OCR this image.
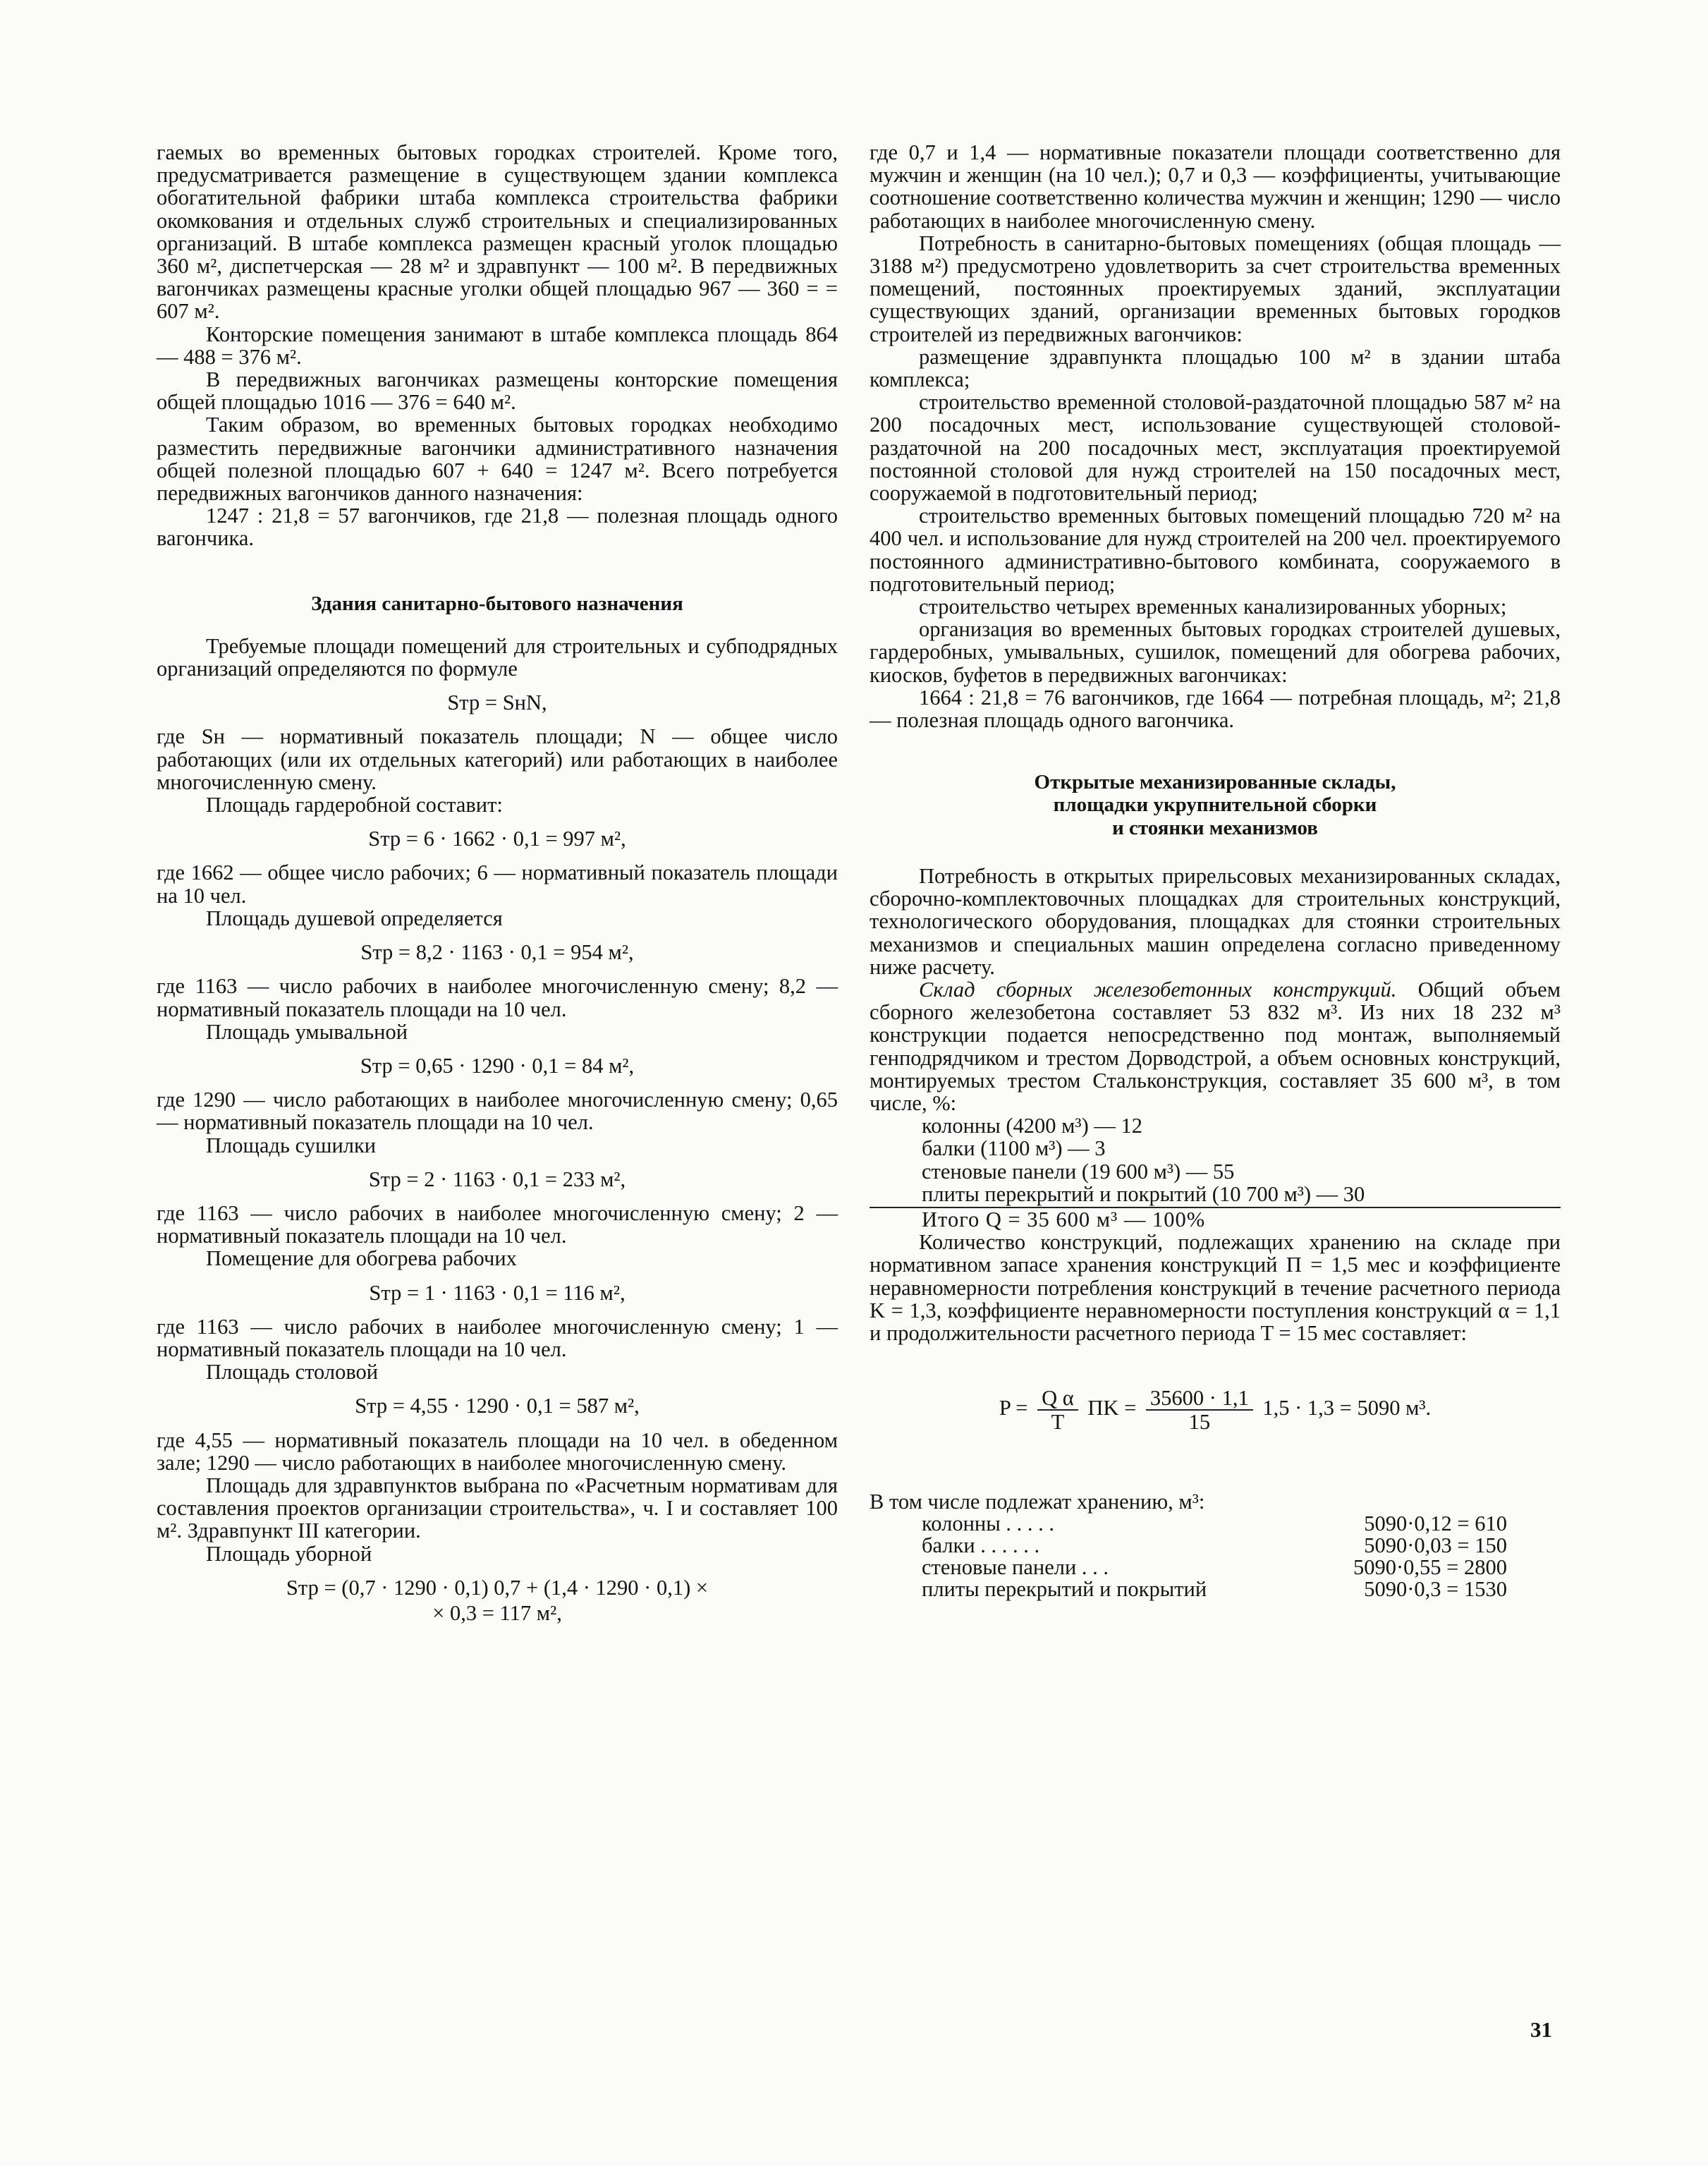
гаемых во временных бытовых городках строителей. Кроме того, предусматривается размещение в существующем здании комплекса обогатительной фабрики штаба комплекса строительства фабрики окомкования и отдельных служб строительных и специализированных организаций. В штабе комплекса размещен красный уголок площадью 360 м², диспетчерская — 28 м² и здравпункт — 100 м². В передвижных вагончиках размещены красные уголки общей площадью 967 — 360 = = 607 м².

Конторские помещения занимают в штабе комплекса площадь 864 — 488 = 376 м².

В передвижных вагончиках размещены конторские помещения общей площадью 1016 — 376 = 640 м².

Таким образом, во временных бытовых городках необходимо разместить передвижные вагончики административного назначения общей полезной площадью 607 + 640 = 1247 м². Всего потребуется передвижных вагончиков данного назначения:

1247 : 21,8 = 57 вагончиков, где 21,8 — полезная площадь одного вагончика.

Здания санитарно-бытового назначения

Требуемые площади помещений для строительных и субподрядных организаций определяются по формуле

Sтр = SнN,

где Sн — нормативный показатель площади; N — общее число работающих (или их отдельных категорий) или работающих в наиболее многочисленную смену.

Площадь гардеробной составит:

Sтр = 6 · 1662 · 0,1 = 997 м²,

где 1662 — общее число рабочих; 6 — нормативный показатель площади на 10 чел.

Площадь душевой определяется

Sтр = 8,2 · 1163 · 0,1 = 954 м²,

где 1163 — число рабочих в наиболее многочисленную смену; 8,2 — нормативный показатель площади на 10 чел.

Площадь умывальной

Sтр = 0,65 · 1290 · 0,1 = 84 м²,

где 1290 — число работающих в наиболее многочисленную смену; 0,65 — нормативный показатель площади на 10 чел.

Площадь сушилки

Sтр = 2 · 1163 · 0,1 = 233 м²,

где 1163 — число рабочих в наиболее многочисленную смену; 2 — нормативный показатель площади на 10 чел.

Помещение для обогрева рабочих

Sтр = 1 · 1163 · 0,1 = 116 м²,

где 1163 — число рабочих в наиболее многочисленную смену; 1 — нормативный показатель площади на 10 чел.

Площадь столовой

Sтр = 4,55 · 1290 · 0,1 = 587 м²,

где 4,55 — нормативный показатель площади на 10 чел. в обеденном зале; 1290 — число работающих в наиболее многочисленную смену.

Площадь для здравпунктов выбрана по «Расчетным нормативам для составления проектов организации строительства», ч. I и составляет 100 м². Здравпункт III категории.

Площадь уборной

Sтр = (0,7 · 1290 · 0,1) 0,7 + (1,4 · 1290 · 0,1) ×

× 0,3 = 117 м²,

где 0,7 и 1,4 — нормативные показатели площади соответственно для мужчин и женщин (на 10 чел.); 0,7 и 0,3 — коэффициенты, учитывающие соотношение соответственно количества мужчин и женщин; 1290 — число работающих в наиболее многочисленную смену.

Потребность в санитарно-бытовых помещениях (общая площадь — 3188 м²) предусмотрено удовлетворить за счет строительства временных помещений, постоянных проектируемых зданий, эксплуатации существующих зданий, организации временных бытовых городков строителей из передвижных вагончиков:

размещение здравпункта площадью 100 м² в здании штаба комплекса;

строительство временной столовой-раздаточной площадью 587 м² на 200 посадочных мест, использование существующей столовой-раздаточной на 200 посадочных мест, эксплуатация проектируемой постоянной столовой для нужд строителей на 150 посадочных мест, сооружаемой в подготовительный период;

строительство временных бытовых помещений площадью 720 м² на 400 чел. и использование для нужд строителей на 200 чел. проектируемого постоянного административно-бытового комбината, сооружаемого в подготовительный период;

строительство четырех временных канализированных уборных;

организация во временных бытовых городках строителей душевых, гардеробных, умывальных, сушилок, помещений для обогрева рабочих, киосков, буфетов в передвижных вагончиках:

1664 : 21,8 = 76 вагончиков, где 1664 — потребная площадь, м²; 21,8 — полезная площадь одного вагончика.

Открытые механизированные склады,

площадки укрупнительной сборки

и стоянки механизмов

Потребность в открытых прирельсовых механизированных складах, сборочно-комплектовочных площадках для строительных конструкций, технологического оборудования, площадках для стоянки строительных механизмов и специальных машин определена согласно приведенному ниже расчету.

Склад сборных железобетонных конструкций. Общий объем сборного железобетона составляет 53 832 м³. Из них 18 232 м³ конструкции подается непосредственно под монтаж, выполняемый генподрядчиком и трестом Дорводстрой, а объем основных конструкций, монтируемых трестом Стальконструкция, составляет 35 600 м³, в том числе, %:

колонны (4200 м³) — 12
балки (1100 м³) — 3
стеновые панели (19 600 м³) — 55
плиты перекрытий и покрытий (10 700 м³) — 30
Итого Q = 35 600 м³ — 100%

Количество конструкций, подлежащих хранению на складе при нормативном запасе хранения конструкций П = 1,5 мес и коэффициенте неравномерности потребления конструкций в течение расчетного периода K = 1,3, коэффициенте неравномерности поступления конструкций α = 1,1 и продолжительности расчетного периода T = 15 мес составляет:

$P = \frac{\text{Q α}}{T}$ ПK = $\frac{35600 \cdot 1,1}{15} 1,5 \cdot 1,3 = 5090$ м³.

В том числе подлежат хранению, м³:

колонны . . . . .	5090·0,12 = 610
балки . . . . . .	5090·0,03 = 150
стеновые панели . . .	5090·0,55 = 2800
плиты перекрытий и покрытий	5090·0,3 = 1530
31
